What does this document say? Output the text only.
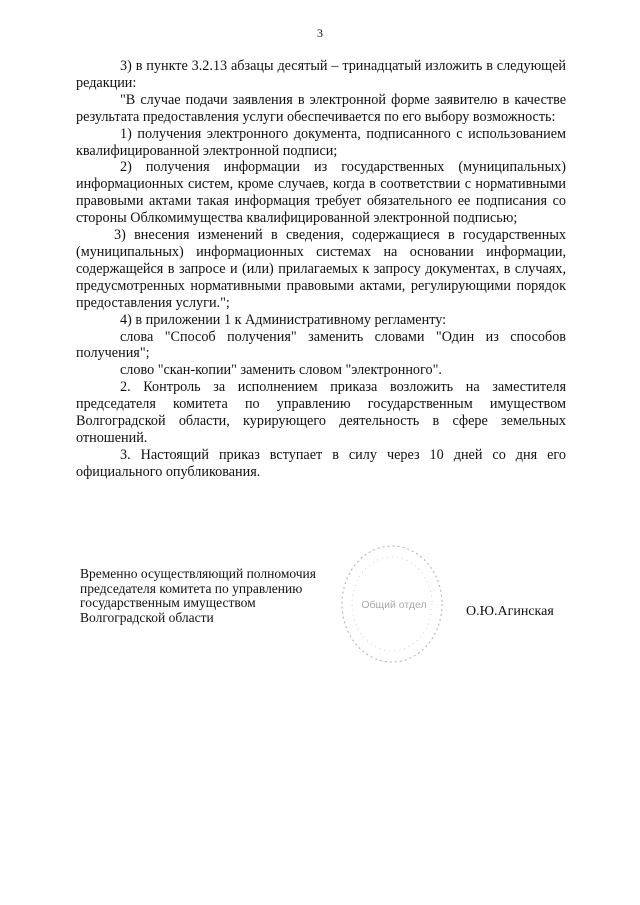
3

3) в пункте 3.2.13 абзацы десятый – тринадцатый изложить в следующей редакции:

"В случае подачи заявления в электронной форме заявителю в качестве результата предоставления услуги обеспечивается по его выбору возможность:

1) получения электронного документа, подписанного с использованием квалифицированной электронной подписи;

2) получения информации из государственных (муниципальных) информационных систем, кроме случаев, когда в соответствии с нормативными правовыми актами такая информация требует обязательного ее подписания со стороны Облкомимущества квалифицированной электронной подписью;

3) внесения изменений в сведения, содержащиеся в государственных (муниципальных) информационных системах на основании информации, содержащейся в запросе и (или) прилагаемых к запросу документах, в случаях, предусмотренных нормативными правовыми актами, регулирующими порядок предоставления услуги.";

4) в приложении 1 к Административному регламенту:

слова "Способ получения" заменить словами "Один из способов получения";

слово "скан-копии" заменить словом "электронного".

2. Контроль за исполнением приказа возложить на заместителя председателя комитета по управлению государственным имуществом Волгоградской области, курирующего деятельность в сфере земельных отношений.

3. Настоящий приказ вступает в силу через 10 дней со дня его официального опубликования.

Временно осуществляющий полномочия
председателя комитета по управлению
государственным имуществом
Волгоградской области
Общий отдел	О.Ю.Агинская
